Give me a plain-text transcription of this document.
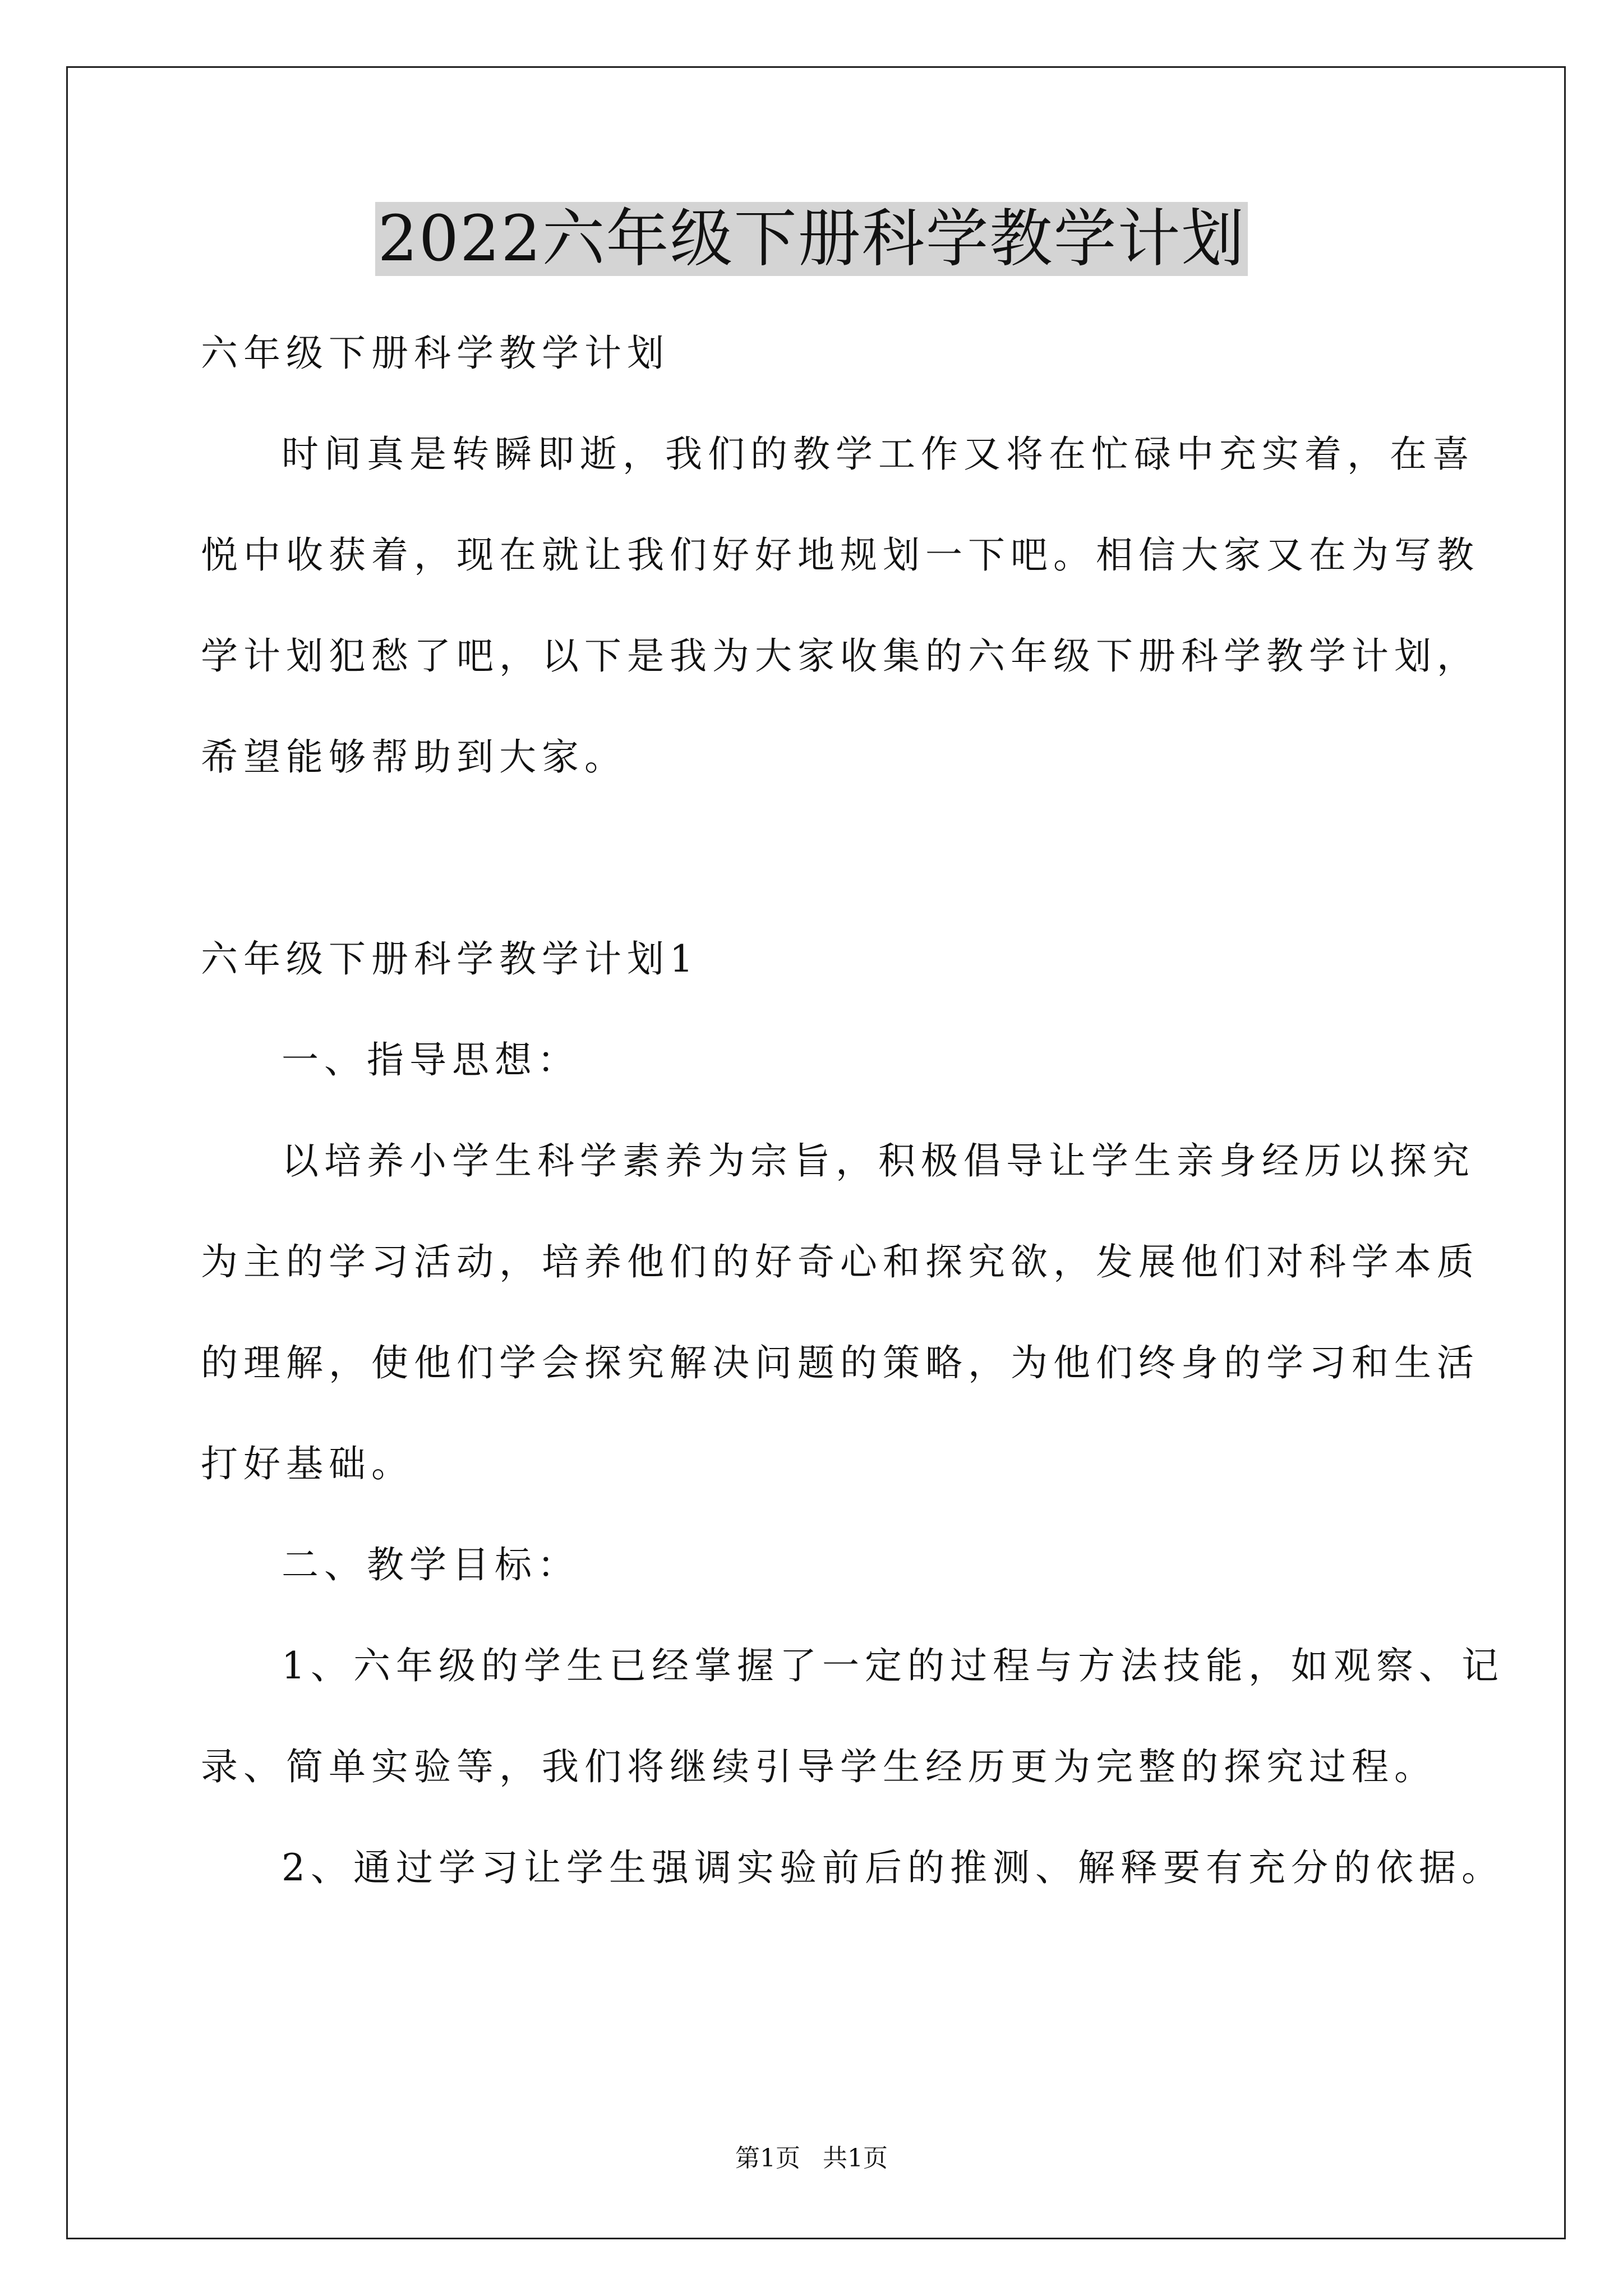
2022六年级下册科学教学计划
六年级下册科学教学计划
时间真是转瞬即逝，我们的教学工作又将在忙碌中充实着，在喜
悦中收获着，现在就让我们好好地规划一下吧。相信大家又在为写教
学计划犯愁了吧，以下是我为大家收集的六年级下册科学教学计划，
希望能够帮助到大家。
六年级下册科学教学计划1
一、指导思想：
以培养小学生科学素养为宗旨，积极倡导让学生亲身经历以探究
为主的学习活动，培养他们的好奇心和探究欲，发展他们对科学本质
的理解，使他们学会探究解决问题的策略，为他们终身的学习和生活
打好基础。
二、教学目标：
1、六年级的学生已经掌握了一定的过程与方法技能，如观察、记
录、简单实验等，我们将继续引导学生经历更为完整的探究过程。
2、通过学习让学生强调实验前后的推测、解释要有充分的依据。
第1页 共1页
